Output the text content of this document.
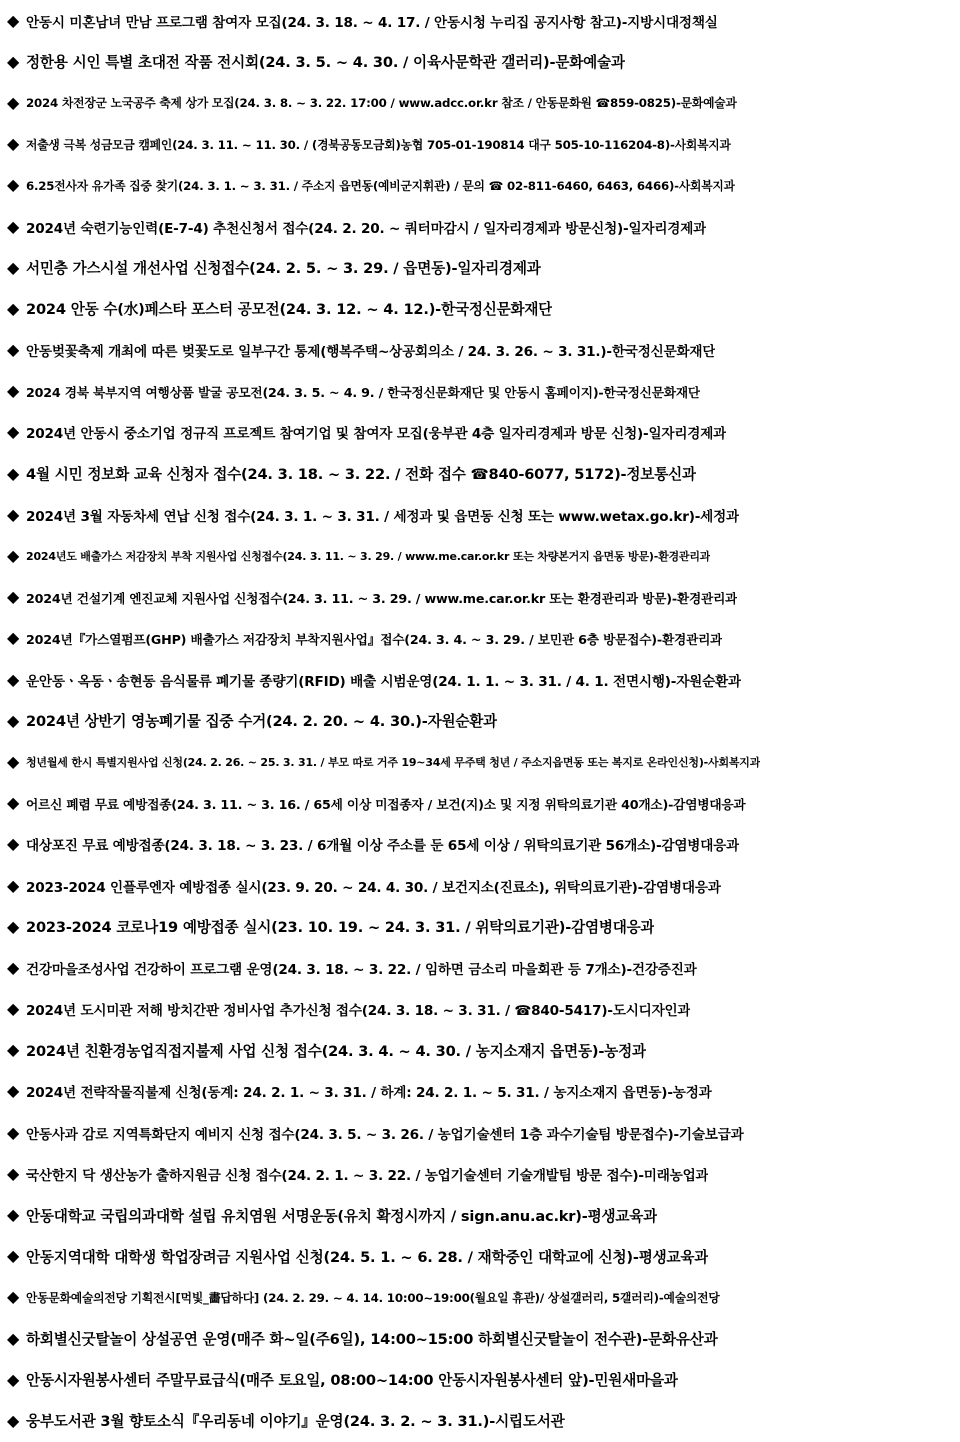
◆ 안동시 미혼남녀 만남 프로그램 참여자 모집(24. 3. 18. ~ 4. 17. / 안동시청 누리집 공지사항 참고)-지방시대정책실
◆ 정한용 시인 특별 초대전 작품 전시회(24. 3. 5. ~ 4. 30. / 이육사문학관 갤러리)-문화예술과
◆ 2024 차전장군 노국공주 축제 상가 모집(24. 3. 8. ~ 3. 22. 17:00 / www.adcc.or.kr 참조 / 안동문화원 ☎859-0825)-문화예술과
◆ 저출생 극복 성금모금 캠페인(24. 3. 11. ~ 11. 30. / (경북공동모금회)농협 705-01-190814 대구 505-10-116204-8)-사회복지과
◆ 6.25전사자 유가족 집중 찾기(24. 3. 1. ~ 3. 31. / 주소지 읍면동(예비군지휘관) / 문의 ☎ 02-811-6460, 6463, 6466)-사회복지과
◆ 2024년 숙련기능인력(E-7-4) 추천신청서 접수(24. 2. 20. ~ 쿼터마감시 / 일자리경제과 방문신청)-일자리경제과
◆ 서민층 가스시설 개선사업 신청접수(24. 2. 5. ~ 3. 29. / 읍면동)-일자리경제과
◆ 2024 안동 수(水)페스타 포스터 공모전(24. 3. 12. ~ 4. 12.)-한국정신문화재단
◆ 안동벚꽃축제 개최에 따른 벚꽃도로 일부구간 통제(행복주택~상공회의소 / 24. 3. 26. ~ 3. 31.)-한국정신문화재단
◆ 2024 경북 북부지역 여행상품 발굴 공모전(24. 3. 5. ~ 4. 9. / 한국정신문화재단 및 안동시 홈페이지)-한국정신문화재단
◆ 2024년 안동시 중소기업 정규직 프로젝트 참여기업 및 참여자 모집(웅부관 4층 일자리경제과 방문 신청)-일자리경제과
◆ 4월 시민 정보화 교육 신청자 접수(24. 3. 18. ~ 3. 22. / 전화 접수 ☎840-6077, 5172)-정보통신과
◆ 2024년 3월 자동차세 연납 신청 접수(24. 3. 1. ~ 3. 31. / 세정과 및 읍면동 신청 또는 www.wetax.go.kr)-세정과
◆ 2024년도 배출가스 저감장치 부착 지원사업 신청접수(24. 3. 11. ~ 3. 29. / www.me.car.or.kr 또는 차량본거지 읍면동 방문)-환경관리과
◆ 2024년 건설기계 엔진교체 지원사업 신청접수(24. 3. 11. ~ 3. 29. / www.me.car.or.kr 또는 환경관리과 방문)-환경관리과
◆ 2024년『가스열펌프(GHP) 배출가스 저감장치 부착지원사업』접수(24. 3. 4. ~ 3. 29. / 보민관 6층 방문접수)-환경관리과
◆ 운안동ㆍ옥동ㆍ송현동 음식물류 폐기물 종량기(RFID) 배출 시범운영(24. 1. 1. ~ 3. 31. / 4. 1. 전면시행)-자원순환과
◆ 2024년 상반기 영농폐기물 집중 수거(24. 2. 20. ~ 4. 30.)-자원순환과
◆ 청년월세 한시 특별지원사업 신청(24. 2. 26. ~ 25. 3. 31. / 부모 따로 거주 19~34세 무주택 청년 / 주소지읍면동 또는 복지로 온라인신청)-사회복지과
◆ 어르신 폐렴 무료 예방접종(24. 3. 11. ~ 3. 16. / 65세 이상 미접종자 / 보건(지)소 및 지정 위탁의료기관 40개소)-감염병대응과
◆ 대상포진 무료 예방접종(24. 3. 18. ~ 3. 23. / 6개월 이상 주소를 둔 65세 이상 / 위탁의료기관 56개소)-감염병대응과
◆ 2023-2024 인플루엔자 예방접종 실시(23. 9. 20. ~ 24. 4. 30. / 보건지소(진료소), 위탁의료기관)-감염병대응과
◆ 2023-2024 코로나19 예방접종 실시(23. 10. 19. ~ 24. 3. 31. / 위탁의료기관)-감염병대응과
◆ 건강마을조성사업 건강하이 프로그램 운영(24. 3. 18. ~ 3. 22. / 임하면 금소리 마을회관 등 7개소)-건강증진과
◆ 2024년 도시미관 저해 방치간판 정비사업 추가신청 접수(24. 3. 18. ~ 3. 31. / ☎840-5417)-도시디자인과
◆ 2024년 친환경농업직접지불제 사업 신청 접수(24. 3. 4. ~ 4. 30. / 농지소재지 읍면동)-농정과
◆ 2024년 전략작물직불제 신청(동계: 24. 2. 1. ~ 3. 31. / 하계: 24. 2. 1. ~ 5. 31. / 농지소재지 읍면동)-농정과
◆ 안동사과 감로 지역특화단지 예비지 신청 접수(24. 3. 5. ~ 3. 26. / 농업기술센터 1층 과수기술팀 방문접수)-기술보급과
◆ 국산한지 닥 생산농가 출하지원금 신청 접수(24. 2. 1. ~ 3. 22. / 농업기술센터 기술개발팀 방문 접수)-미래농업과
◆ 안동대학교 국립의과대학 설립 유치염원 서명운동(유치 확정시까지 / sign.anu.ac.kr)-평생교육과
◆ 안동지역대학 대학생 학업장려금 지원사업 신청(24. 5. 1. ~ 6. 28. / 재학중인 대학교에 신청)-평생교육과
◆ 안동문화예술의전당 기획전시[먹빛_畵답하다] (24. 2. 29. ~ 4. 14. 10:00~19:00(월요일 휴관)/ 상설갤러리, 5갤러리)-예술의전당
◆ 하회별신굿탈놀이 상설공연 운영(매주 화~일(주6일), 14:00~15:00 하회별신굿탈놀이 전수관)-문화유산과
◆ 안동시자원봉사센터 주말무료급식(매주 토요일, 08:00~14:00 안동시자원봉사센터 앞)-민원새마을과
◆ 웅부도서관 3월 향토소식『우리동네 이야기』운영(24. 3. 2. ~ 3. 31.)-시립도서관
